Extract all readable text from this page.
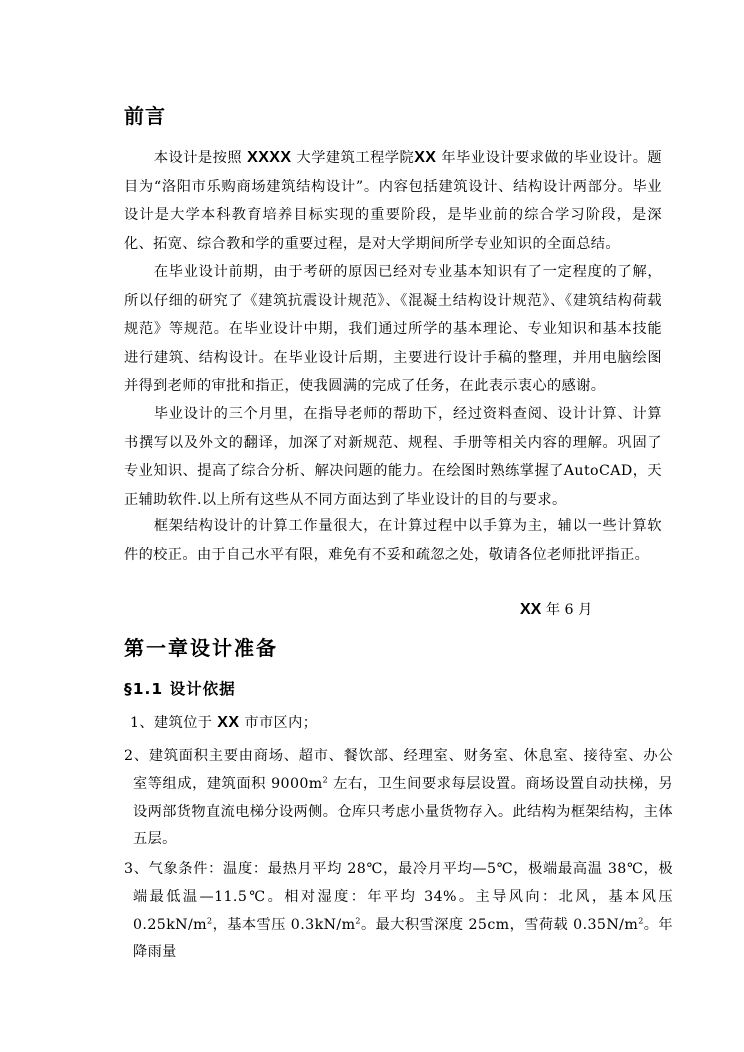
前言

本设计是按照 XXXX 大学建筑工程学院XX 年毕业设计要求做的毕业设计。题目为“洛阳市乐购商场建筑结构设计”。内容包括建筑设计、结构设计两部分。毕业设计是大学本科教育培养目标实现的重要阶段，是毕业前的综合学习阶段，是深化、拓宽、综合教和学的重要过程，是对大学期间所学专业知识的全面总结。

在毕业设计前期，由于考研的原因已经对专业基本知识有了一定程度的了解，所以仔细的研究了《建筑抗震设计规范》、《混凝土结构设计规范》、《建筑结构荷载规范》等规范。在毕业设计中期，我们通过所学的基本理论、专业知识和基本技能进行建筑、结构设计。在毕业设计后期，主要进行设计手稿的整理，并用电脑绘图并得到老师的审批和指正，使我圆满的完成了任务，在此表示衷心的感谢。

毕业设计的三个月里，在指导老师的帮助下，经过资料查阅、设计计算、计算书撰写以及外文的翻译，加深了对新规范、规程、手册等相关内容的理解。巩固了专业知识、提高了综合分析、解决问题的能力。在绘图时熟练掌握了AutoCAD，天正辅助软件.以上所有这些从不同方面达到了毕业设计的目的与要求。

框架结构设计的计算工作量很大，在计算过程中以手算为主，辅以一些计算软件的校正。由于自己水平有限，难免有不妥和疏忽之处，敬请各位老师批评指正。

XX 年 6 月
第一章设计准备
§1.1 设计依据

1、建筑位于 XX 市市区内；

2、建筑面积主要由商场、超市、餐饮部、经理室、财务室、休息室、接待室、办公室等组成，建筑面积 $9000m^2$ 左右，卫生间要求每层设置。商场设置自动扶梯，另设两部货物直流电梯分设两侧。仓库只考虑小量货物存入。此结构为框架结构，主体五层。

3、气象条件：温度：最热月平均 28℃，最冷月平均—5℃，极端最高温 38℃，极端最低温—11.5℃。相对湿度：年平均 34%。主导风向：北风，基本风压 $0.25kN/m^2$，基本雪压 $0.3kN/m^2$。最大积雪深度 25cm，雪荷载 $0.35N/m^2$。年降雨量
